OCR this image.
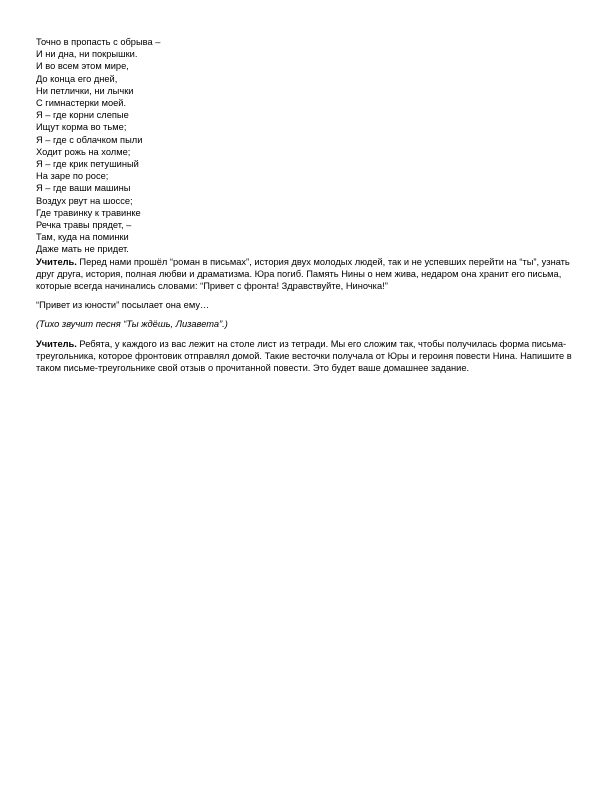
Точно в пропасть с обрыва –
И ни дна, ни покрышки.
И во всем этом мире,
До конца его дней,
Ни петлички, ни лычки
С гимнастерки моей.
Я – где корни слепые
Ищут корма во тьме;
Я – где с облачком пыли
Ходит рожь на холме;
Я – где крик петушиный
На заре по росе;
Я – где ваши машины
Воздух рвут на шоссе;
Где травинку к травинке
Речка травы прядет, –
Там, куда на поминки
Даже мать не придет.

Учитель. Перед нами прошёл “роман в письмах”, история двух молодых людей, так и не успевших перейти на “ты”, узнать друг друга, история, полная любви и драматизма. Юра погиб. Память Нины о нем жива, недаром она хранит его письма, которые всегда начинались словами: “Привет с фронта! Здравствуйте, Ниночка!”

“Привет из юности” посылает она ему…

(Тихо звучит песня “Ты ждёшь, Лизавета”.)

Учитель. Ребята, у каждого из вас лежит на столе лист из тетради. Мы его сложим так, чтобы получилась форма письма-треугольника, которое фронтовик отправлял домой. Такие весточки получала от Юры и героиня повести Нина. Напишите в таком письме-треугольнике свой отзыв о прочитанной повести. Это будет ваше домашнее задание.
